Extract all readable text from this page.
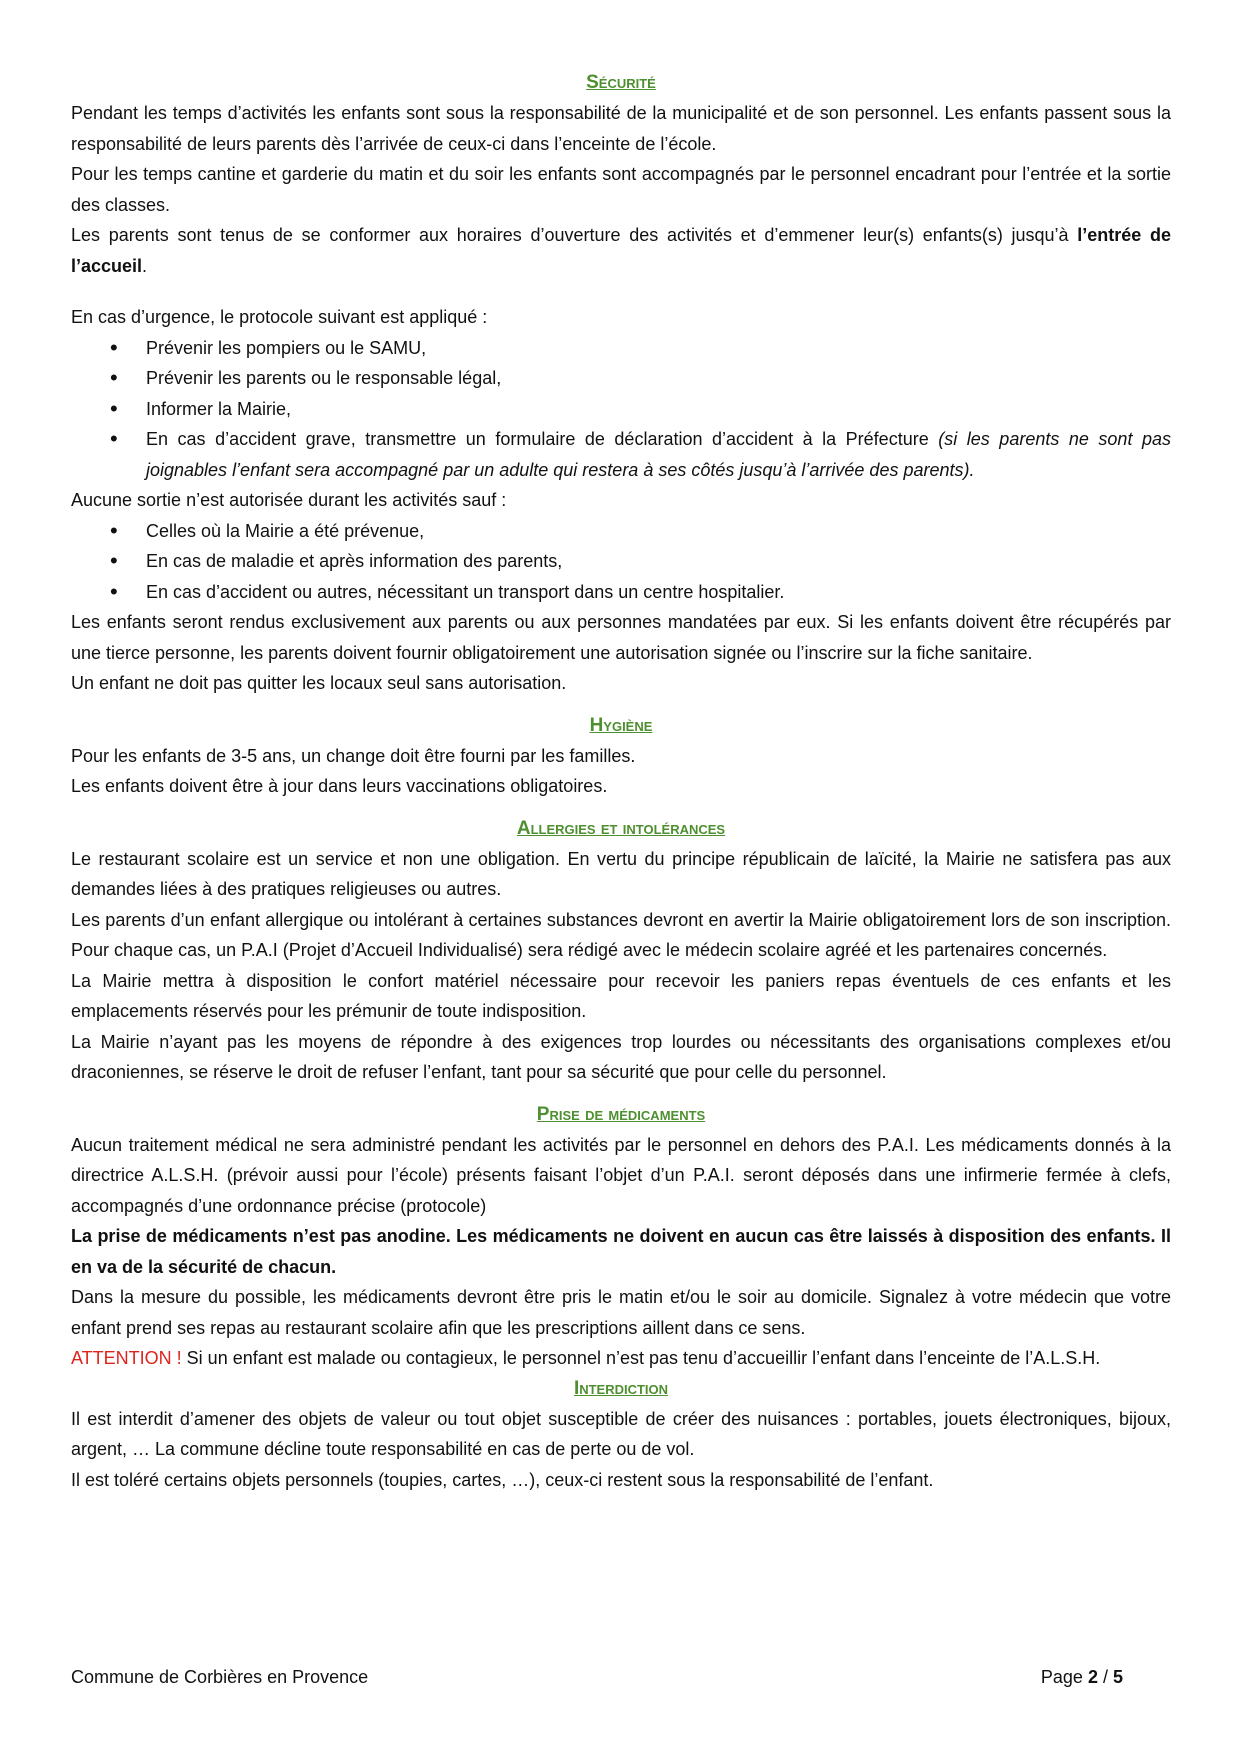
Sécurité

Pendant les temps d’activités les enfants sont sous la responsabilité de la municipalité et de son personnel. Les enfants passent sous la responsabilité de leurs parents dès l’arrivée de ceux-ci dans l’enceinte de l’école.

Pour les temps cantine et garderie du matin et du soir les enfants sont accompagnés par le personnel encadrant pour l’entrée et la sortie des classes.

Les parents sont tenus de se conformer aux horaires d’ouverture des activités et d’emmener leur(s) enfants(s) jusqu’à l’entrée de l’accueil.

En cas d’urgence, le protocole suivant est appliqué :

• Prévenir les pompiers ou le SAMU,
• Prévenir les parents ou le responsable légal,
• Informer la Mairie,
• En cas d’accident grave, transmettre un formulaire de déclaration d’accident à la Préfecture (si les parents ne sont pas joignables l’enfant sera accompagné par un adulte qui restera à ses côtés jusqu’à l’arrivée des parents).

Aucune sortie n’est autorisée durant les activités sauf :

• Celles où la Mairie a été prévenue,
• En cas de maladie et après information des parents,
• En cas d’accident ou autres, nécessitant un transport dans un centre hospitalier.

Les enfants seront rendus exclusivement aux parents ou aux personnes mandatées par eux. Si les enfants doivent être récupérés par une tierce personne, les parents doivent fournir obligatoirement une autorisation signée ou l’inscrire sur la fiche sanitaire.

Un enfant ne doit pas quitter les locaux seul sans autorisation.

Hygiène

Pour les enfants de 3-5 ans, un change doit être fourni par les familles.

Les enfants doivent être à jour dans leurs vaccinations obligatoires.

Allergies et intolérances

Le restaurant scolaire est un service et non une obligation. En vertu du principe républicain de laïcité, la Mairie ne satisfera pas aux demandes liées à des pratiques religieuses ou autres.

Les parents d’un enfant allergique ou intolérant à certaines substances devront en avertir la Mairie obligatoirement lors de son inscription. Pour chaque cas, un P.A.I (Projet d’Accueil Individualisé) sera rédigé avec le médecin scolaire agréé et les partenaires concernés.

La Mairie mettra à disposition le confort matériel nécessaire pour recevoir les paniers repas éventuels de ces enfants et les emplacements réservés pour les prémunir de toute indisposition.

La Mairie n’ayant pas les moyens de répondre à des exigences trop lourdes ou nécessitants des organisations complexes et/ou draconiennes, se réserve le droit de refuser l’enfant, tant pour sa sécurité que pour celle du personnel.

Prise de médicaments

Aucun traitement médical ne sera administré pendant les activités par le personnel en dehors des P.A.I. Les médicaments donnés à la directrice A.L.S.H. (prévoir aussi pour l’école) présents faisant l’objet d’un P.A.I. seront déposés dans une infirmerie fermée à clefs, accompagnés d’une ordonnance précise (protocole)

La prise de médicaments n’est pas anodine. Les médicaments ne doivent en aucun cas être laissés à disposition des enfants. Il en va de la sécurité de chacun.

Dans la mesure du possible, les médicaments devront être pris le matin et/ou le soir au domicile. Signalez à votre médecin que votre enfant prend ses repas au restaurant scolaire afin que les prescriptions aillent dans ce sens.

ATTENTION ! Si un enfant est malade ou contagieux, le personnel n’est pas tenu d’accueillir l’enfant dans l’enceinte de l’A.L.S.H.

Interdiction

Il est interdit d’amener des objets de valeur ou tout objet susceptible de créer des nuisances : portables, jouets électroniques, bijoux, argent, … La commune décline toute responsabilité en cas de perte ou de vol.

Il est toléré certains objets personnels (toupies, cartes, …), ceux-ci restent sous la responsabilité de l’enfant.

Commune de Corbières en Provence	Page 2 / 5
